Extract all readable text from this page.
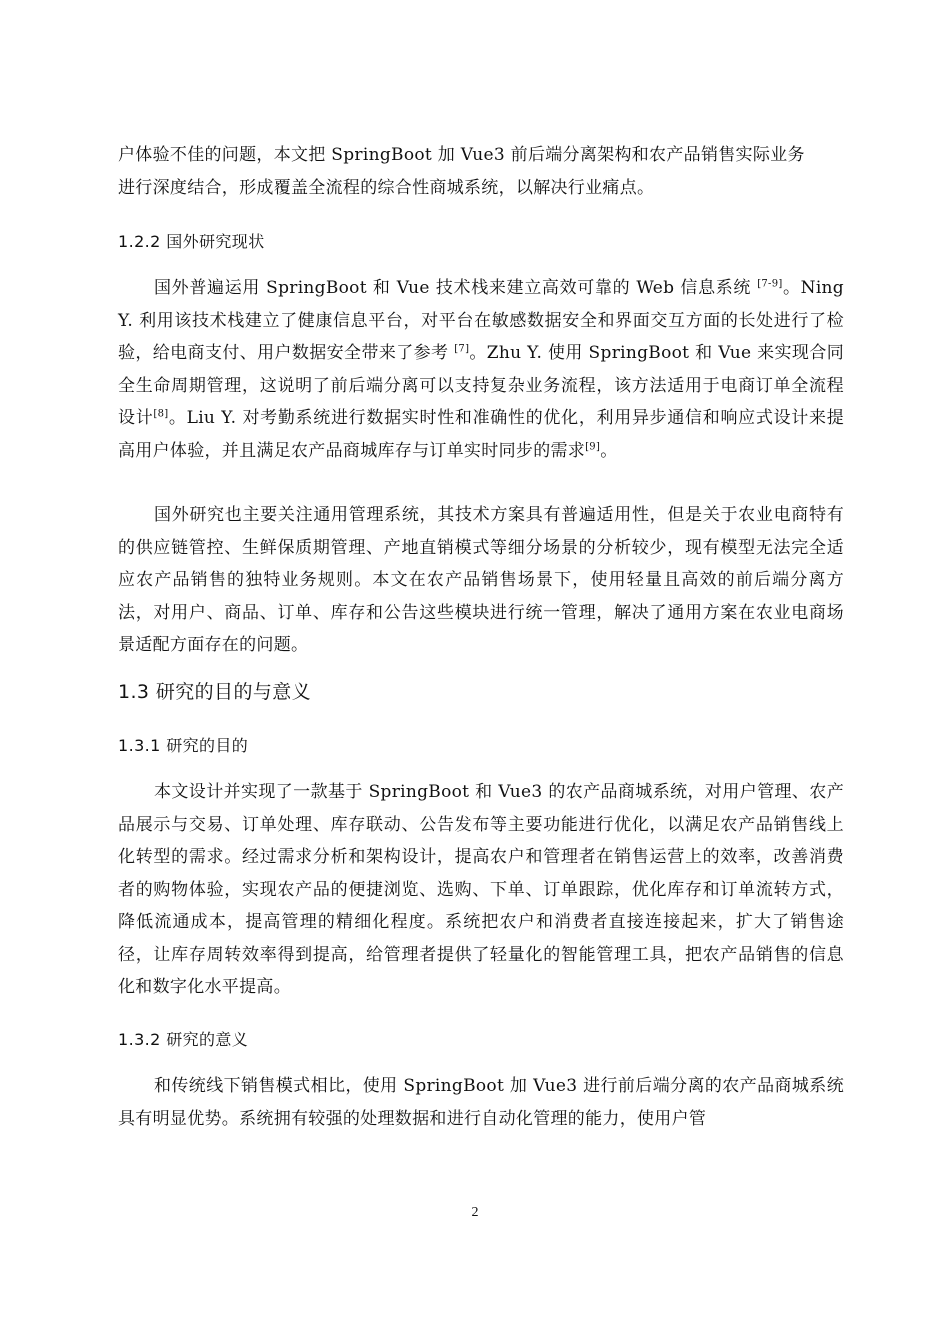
户体验不佳的问题，本文把 SpringBoot 加 Vue3 前后端分离架构和农产品销售实际业务
进行深度结合，形成覆盖全流程的综合性商城系统，以解决行业痛点。
1.2.2 国外研究现状
国外普遍运用 SpringBoot 和 Vue 技术栈来建立高效可靠的 Web 信息系统 [7-9]。Ning Y. 利用该技术栈建立了健康信息平台，对平台在敏感数据安全和界面交互方面的长处进行了检验，给电商支付、用户数据安全带来了参考 [7]。Zhu Y. 使用 SpringBoot 和 Vue 来实现合同全生命周期管理，这说明了前后端分离可以支持复杂业务流程，该方法适用于电商订单全流程设计[8]。Liu Y. 对考勤系统进行数据实时性和准确性的优化，利用异步通信和响应式设计来提高用户体验，并且满足农产品商城库存与订单实时同步的需求[9]。
国外研究也主要关注通用管理系统，其技术方案具有普遍适用性，但是关于农业电商特有的供应链管控、生鲜保质期管理、产地直销模式等细分场景的分析较少，现有模型无法完全适应农产品销售的独特业务规则。本文在农产品销售场景下，使用轻量且高效的前后端分离方法，对用户、商品、订单、库存和公告这些模块进行统一管理，解决了通用方案在农业电商场景适配方面存在的问题。
1.3 研究的目的与意义
1.3.1 研究的目的
本文设计并实现了一款基于 SpringBoot 和 Vue3 的农产品商城系统，对用户管理、农产品展示与交易、订单处理、库存联动、公告发布等主要功能进行优化，以满足农产品销售线上化转型的需求。经过需求分析和架构设计，提高农户和管理者在销售运营上的效率，改善消费者的购物体验，实现农产品的便捷浏览、选购、下单、订单跟踪，优化库存和订单流转方式，降低流通成本，提高管理的精细化程度。系统把农户和消费者直接连接起来，扩大了销售途径，让库存周转效率得到提高，给管理者提供了轻量化的智能管理工具，把农产品销售的信息化和数字化水平提高。
1.3.2 研究的意义
和传统线下销售模式相比，使用 SpringBoot 加 Vue3 进行前后端分离的农产品商城系统具有明显优势。系统拥有较强的处理数据和进行自动化管理的能力，使用户管
2
